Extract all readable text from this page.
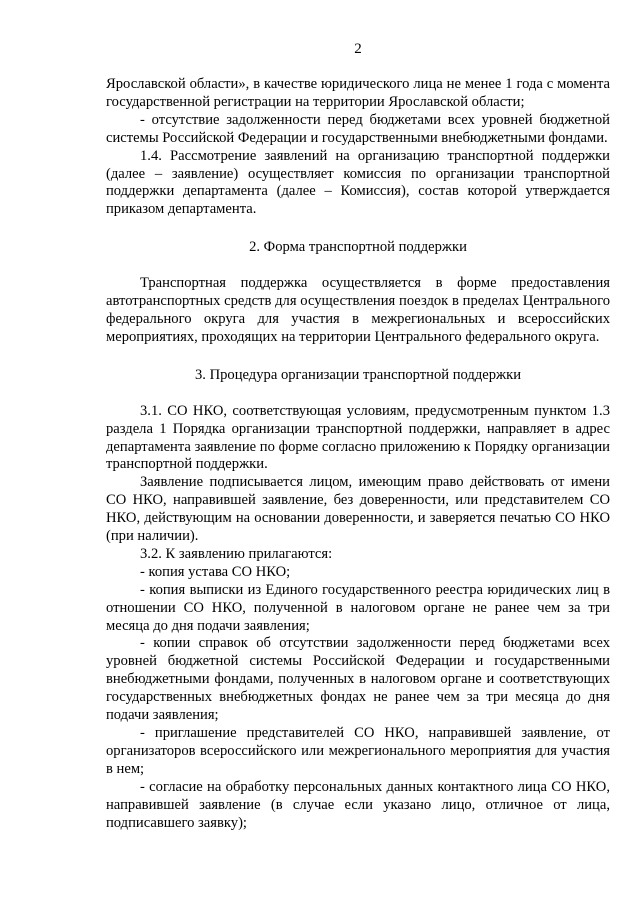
2

Ярославской области», в качестве юридического лица не менее 1 года с момента государственной регистрации на территории Ярославской области;

- отсутствие задолженности перед бюджетами всех уровней бюджетной системы Российской Федерации и государственными внебюджетными фондами.

1.4. Рассмотрение заявлений на организацию транспортной поддержки (далее – заявление) осуществляет комиссия по организации транспортной поддержки департамента (далее – Комиссия), состав которой утверждается приказом департамента.

2. Форма транспортной поддержки

Транспортная поддержка осуществляется в форме предоставления автотранспортных средств для осуществления поездок в пределах Центрального федерального округа для участия в межрегиональных и всероссийских мероприятиях, проходящих на территории Центрального федерального округа.

3. Процедура организации транспортной поддержки

3.1. СО НКО, соответствующая условиям, предусмотренным пунктом 1.3 раздела 1 Порядка организации транспортной поддержки, направляет в адрес департамента заявление по форме согласно приложению к Порядку организации транспортной поддержки.

Заявление подписывается лицом, имеющим право действовать от имени СО НКО, направившей заявление, без доверенности, или представителем СО НКО, действующим на основании доверенности, и заверяется печатью СО НКО (при наличии).

3.2. К заявлению прилагаются:

- копия устава СО НКО;

- копия выписки из Единого государственного реестра юридических лиц в отношении СО НКО, полученной в налоговом органе не ранее чем за три месяца до дня подачи заявления;

- копии справок об отсутствии задолженности перед бюджетами всех уровней бюджетной системы Российской Федерации и государственными внебюджетными фондами, полученных в налоговом органе и соответствующих государственных внебюджетных фондах не ранее чем за три месяца до дня подачи заявления;

- приглашение представителей СО НКО, направившей заявление, от организаторов всероссийского или межрегионального мероприятия для участия в нем;

- согласие на обработку персональных данных контактного лица СО НКО, направившей заявление (в случае если указано лицо, отличное от лица, подписавшего заявку);
